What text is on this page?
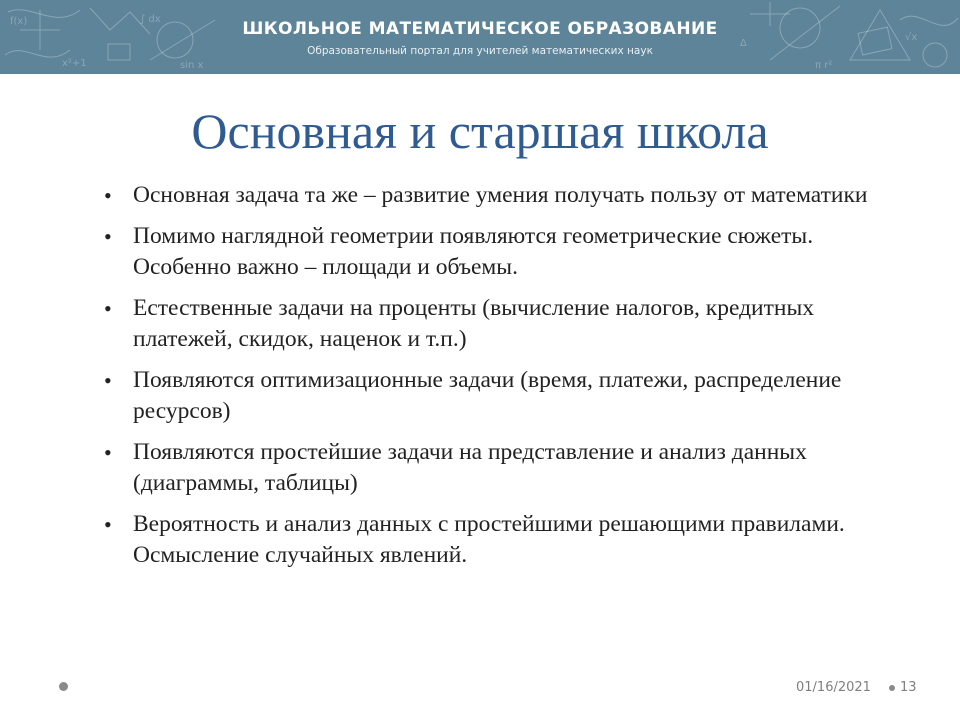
f(x)
x²+1
∫ dx
sin x
Δ
π r²
√x

ШКОЛЬНОЕ МАТЕМАТИЧЕСКОЕ ОБРАЗОВАНИЕ

Образовательный портал для учителей математических наук

Основная и старшая школа
• Основная задача та же – развитие умения получать пользу от математики
• Помимо наглядной геометрии появляются геометрические сюжеты. Особенно важно – площади и объемы.
• Естественные задачи на проценты (вычисление налогов, кредитных платежей, скидок, наценок и т.п.)
• Появляются оптимизационные задачи (время, платежи, распределение ресурсов)
• Появляются простейшие задачи на представление и анализ данных (диаграммы, таблицы)
• Вероятность и анализ данных с простейшими решающими правилами. Осмысление случайных явлений.
01/16/2021 13
